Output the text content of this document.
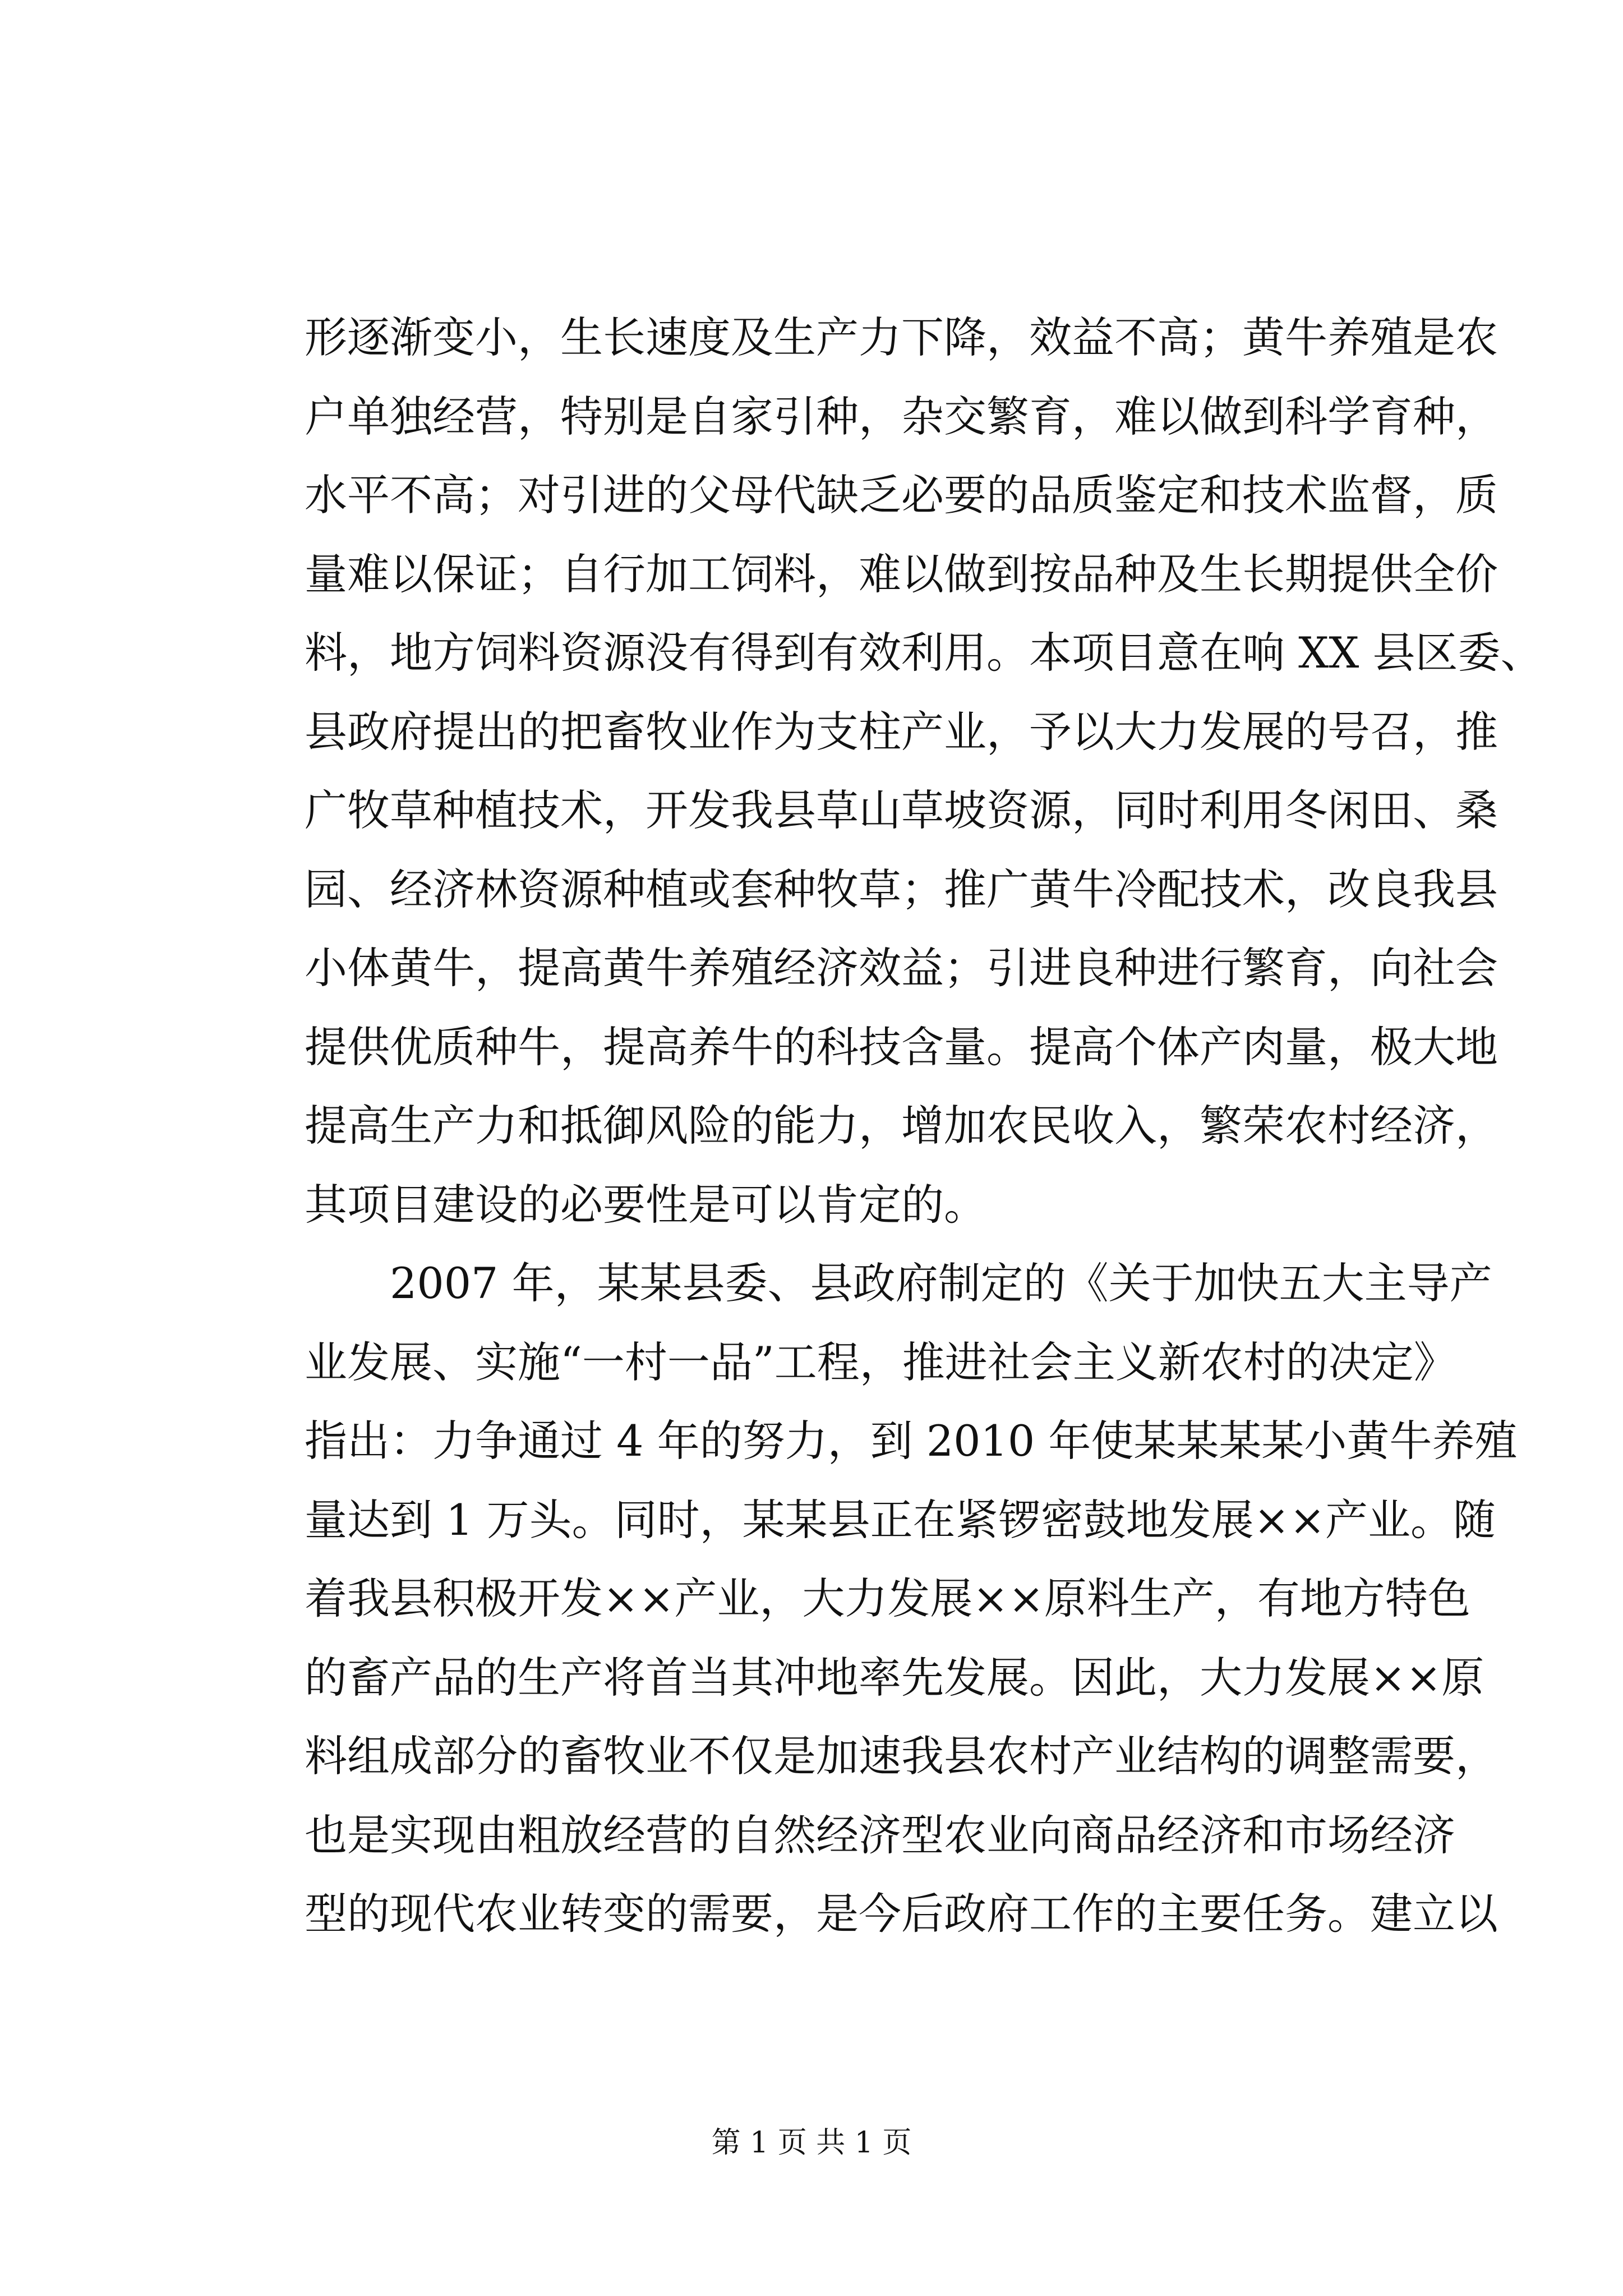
形逐渐变小，生长速度及生产力下降，效益不高；黄牛养殖是农
户单独经营，特别是自家引种，杂交繁育，难以做到科学育种，
水平不高；对引进的父母代缺乏必要的品质鉴定和技术监督，质
量难以保证；自行加工饲料，难以做到按品种及生长期提供全价
料，地方饲料资源没有得到有效利用。本项目意在响 XX 县区委、
县政府提出的把畜牧业作为支柱产业，予以大力发展的号召，推
广牧草种植技术，开发我县草山草坡资源，同时利用冬闲田、桑
园、经济林资源种植或套种牧草；推广黄牛冷配技术，改良我县
小体黄牛，提高黄牛养殖经济效益；引进良种进行繁育，向社会
提供优质种牛，提高养牛的科技含量。提高个体产肉量，极大地
提高生产力和抵御风险的能力，增加农民收入，繁荣农村经济，
其项目建设的必要性是可以肯定的。
2007 年，某某县委、县政府制定的《关于加快五大主导产
业发展、实施“一村一品”工程，推进社会主义新农村的决定》
指出：力争通过 4 年的努力，到 2010 年使某某某某小黄牛养殖
量达到 1 万头。同时，某某县正在紧锣密鼓地发展××产业。随
着我县积极开发××产业，大力发展××原料生产，有地方特色
的畜产品的生产将首当其冲地率先发展。因此，大力发展××原
料组成部分的畜牧业不仅是加速我县农村产业结构的调整需要，
也是实现由粗放经营的自然经济型农业向商品经济和市场经济
型的现代农业转变的需要，是今后政府工作的主要任务。建立以
第 1 页 共 1 页
